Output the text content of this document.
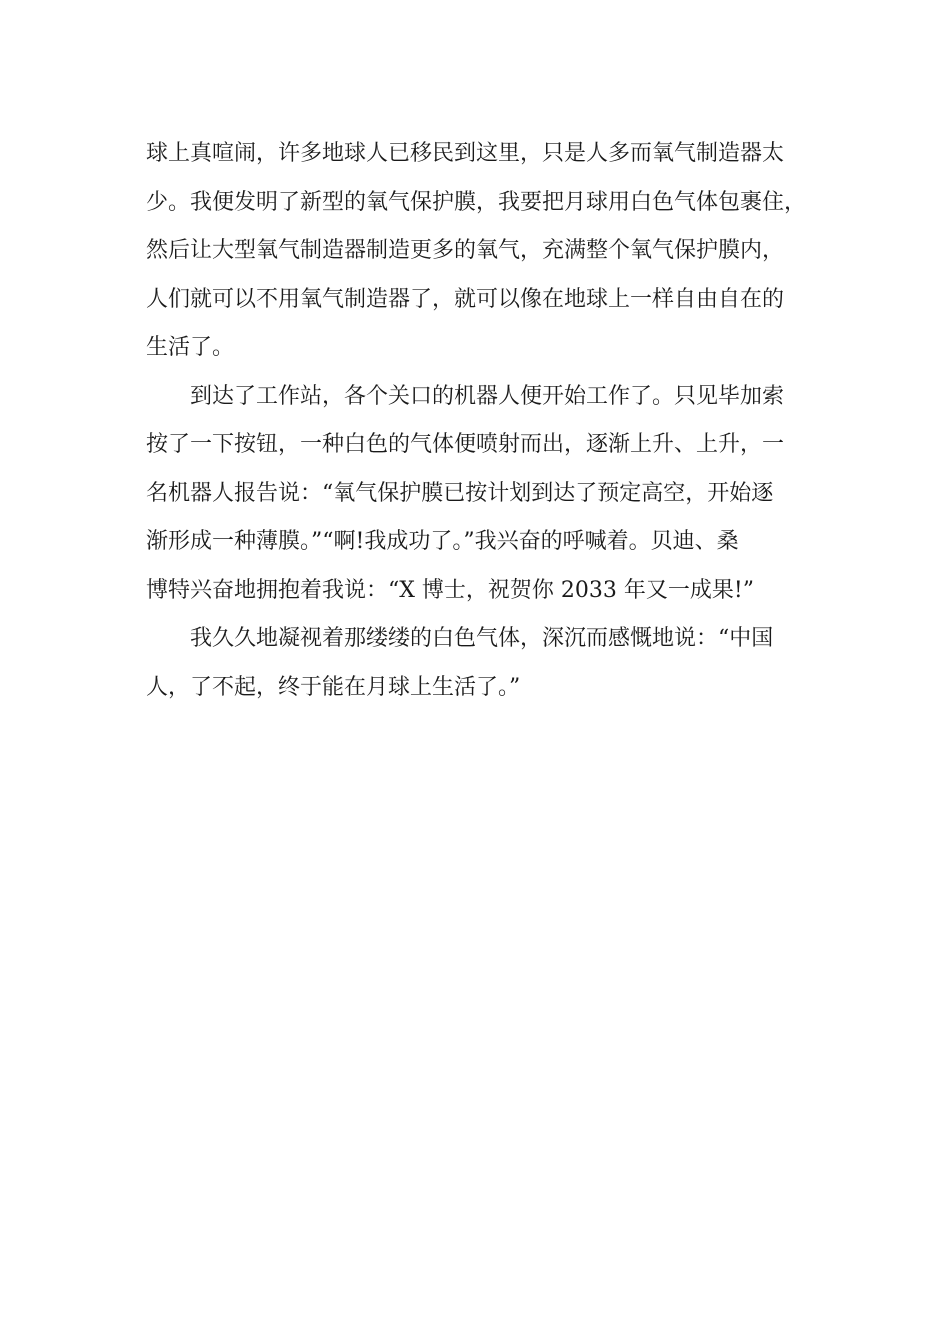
球上真喧闹，许多地球人已移民到这里，只是人多而氧气制造器太
少。我便发明了新型的氧气保护膜，我要把月球用白色气体包裹住，
然后让大型氧气制造器制造更多的氧气，充满整个氧气保护膜内，
人们就可以不用氧气制造器了，就可以像在地球上一样自由自在的
生活了。

到达了工作站，各个关口的机器人便开始工作了。只见毕加索
按了一下按钮，一种白色的气体便喷射而出，逐渐上升、上升，一
名机器人报告说：“氧气保护膜已按计划到达了预定高空，开始逐
渐形成一种薄膜。”“啊!我成功了。”我兴奋的呼喊着。贝迪、桑
博特兴奋地拥抱着我说：“X 博士，祝贺你 2033 年又一成果!”

我久久地凝视着那缕缕的白色气体，深沉而感慨地说：“中国
人，了不起，终于能在月球上生活了。”
